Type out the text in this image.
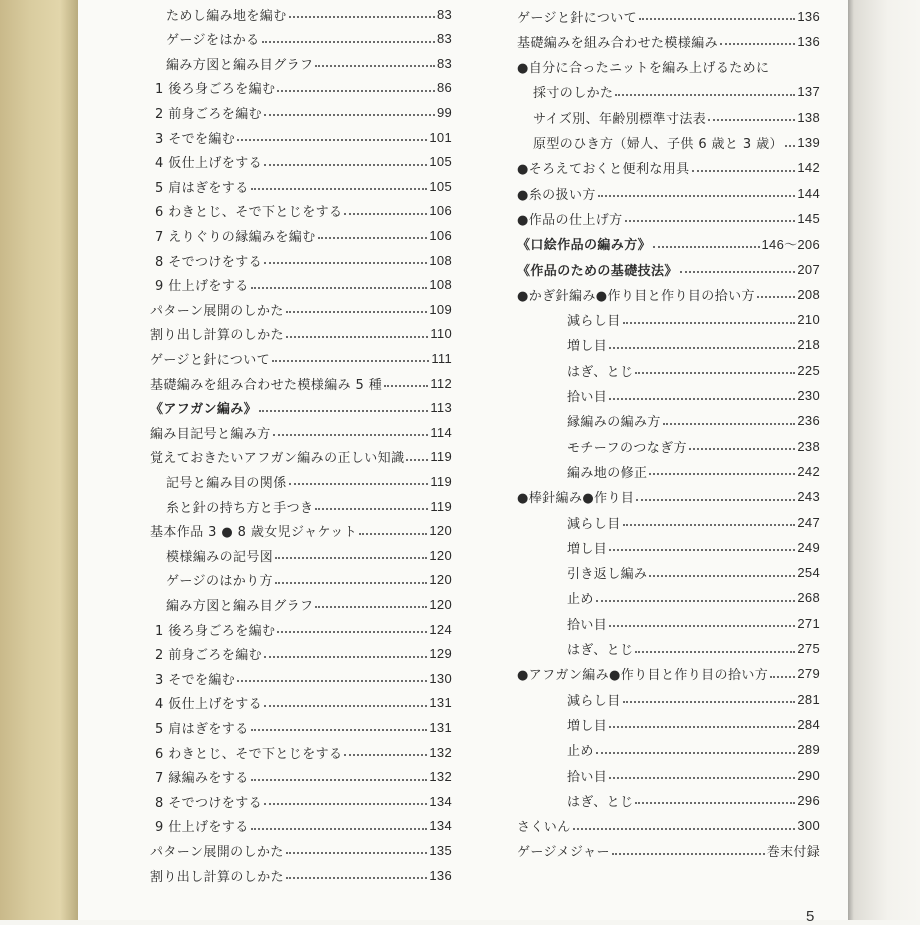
ためし編み地を編む	83
ゲージをはかる	83
編み方図と編み目グラフ	83
1 後ろ身ごろを編む	86
2 前身ごろを編む	99
3 そでを編む	101
4 仮仕上げをする	105
5 肩はぎをする	105
6 わきとじ、そで下とじをする	106
7 えりぐりの縁編みを編む	106
8 そでつけをする	108
9 仕上げをする	108
パターン展開のしかた	109
割り出し計算のしかた	110
ゲージと針について	111
基礎編みを組み合わせた模様編み 5 種	112
《アフガン編み》	113
編み目記号と編み方	114
覚えておきたいアフガン編みの正しい知識 119
記号と編み目の関係	119
糸と針の持ち方と手つき	119
基本作品 3 ● 8 歳女児ジャケット	120
模様編みの記号図	120
ゲージのはかり方	120
編み方図と編み目グラフ	120
1 後ろ身ごろを編む	124
2 前身ごろを編む	129
3 そでを編む	130
4 仮仕上げをする	131
5 肩はぎをする	131
6 わきとじ、そで下とじをする	132
7 縁編みをする	132
8 そでつけをする	134
9 仕上げをする	134
パターン展開のしかた	135
割り出し計算のしかた	136
ゲージと針について	136
基礎編みを組み合わせた模様編み	136
●自分に合ったニットを編み上げるために
採寸のしかた	137
サイズ別、年齢別標準寸法表	138
原型のひき方（婦人、子供 6 歳と 3 歳） 139
●そろえておくと便利な用具	142
●糸の扱い方	144
●作品の仕上げ方	145
《口絵作品の編み方》	146～206
《作品のための基礎技法》	207
●かぎ針編み●作り目と作り目の拾い方	208
減らし目	210
増し目	218
はぎ、とじ	225
拾い目	230
縁編みの編み方	236
モチーフのつなぎ方	238
編み地の修正	242
●棒針編み●作り目	243
減らし目	247
増し目	249
引き返し編み	254
止め	268
拾い目	271
はぎ、とじ	275
●アフガン編み●作り目と作り目の拾い方 279
減らし目	281
増し目	284
止め	289
拾い目	290
はぎ、とじ	296
さくいん	300
ゲージメジャー	巻末付録
5
